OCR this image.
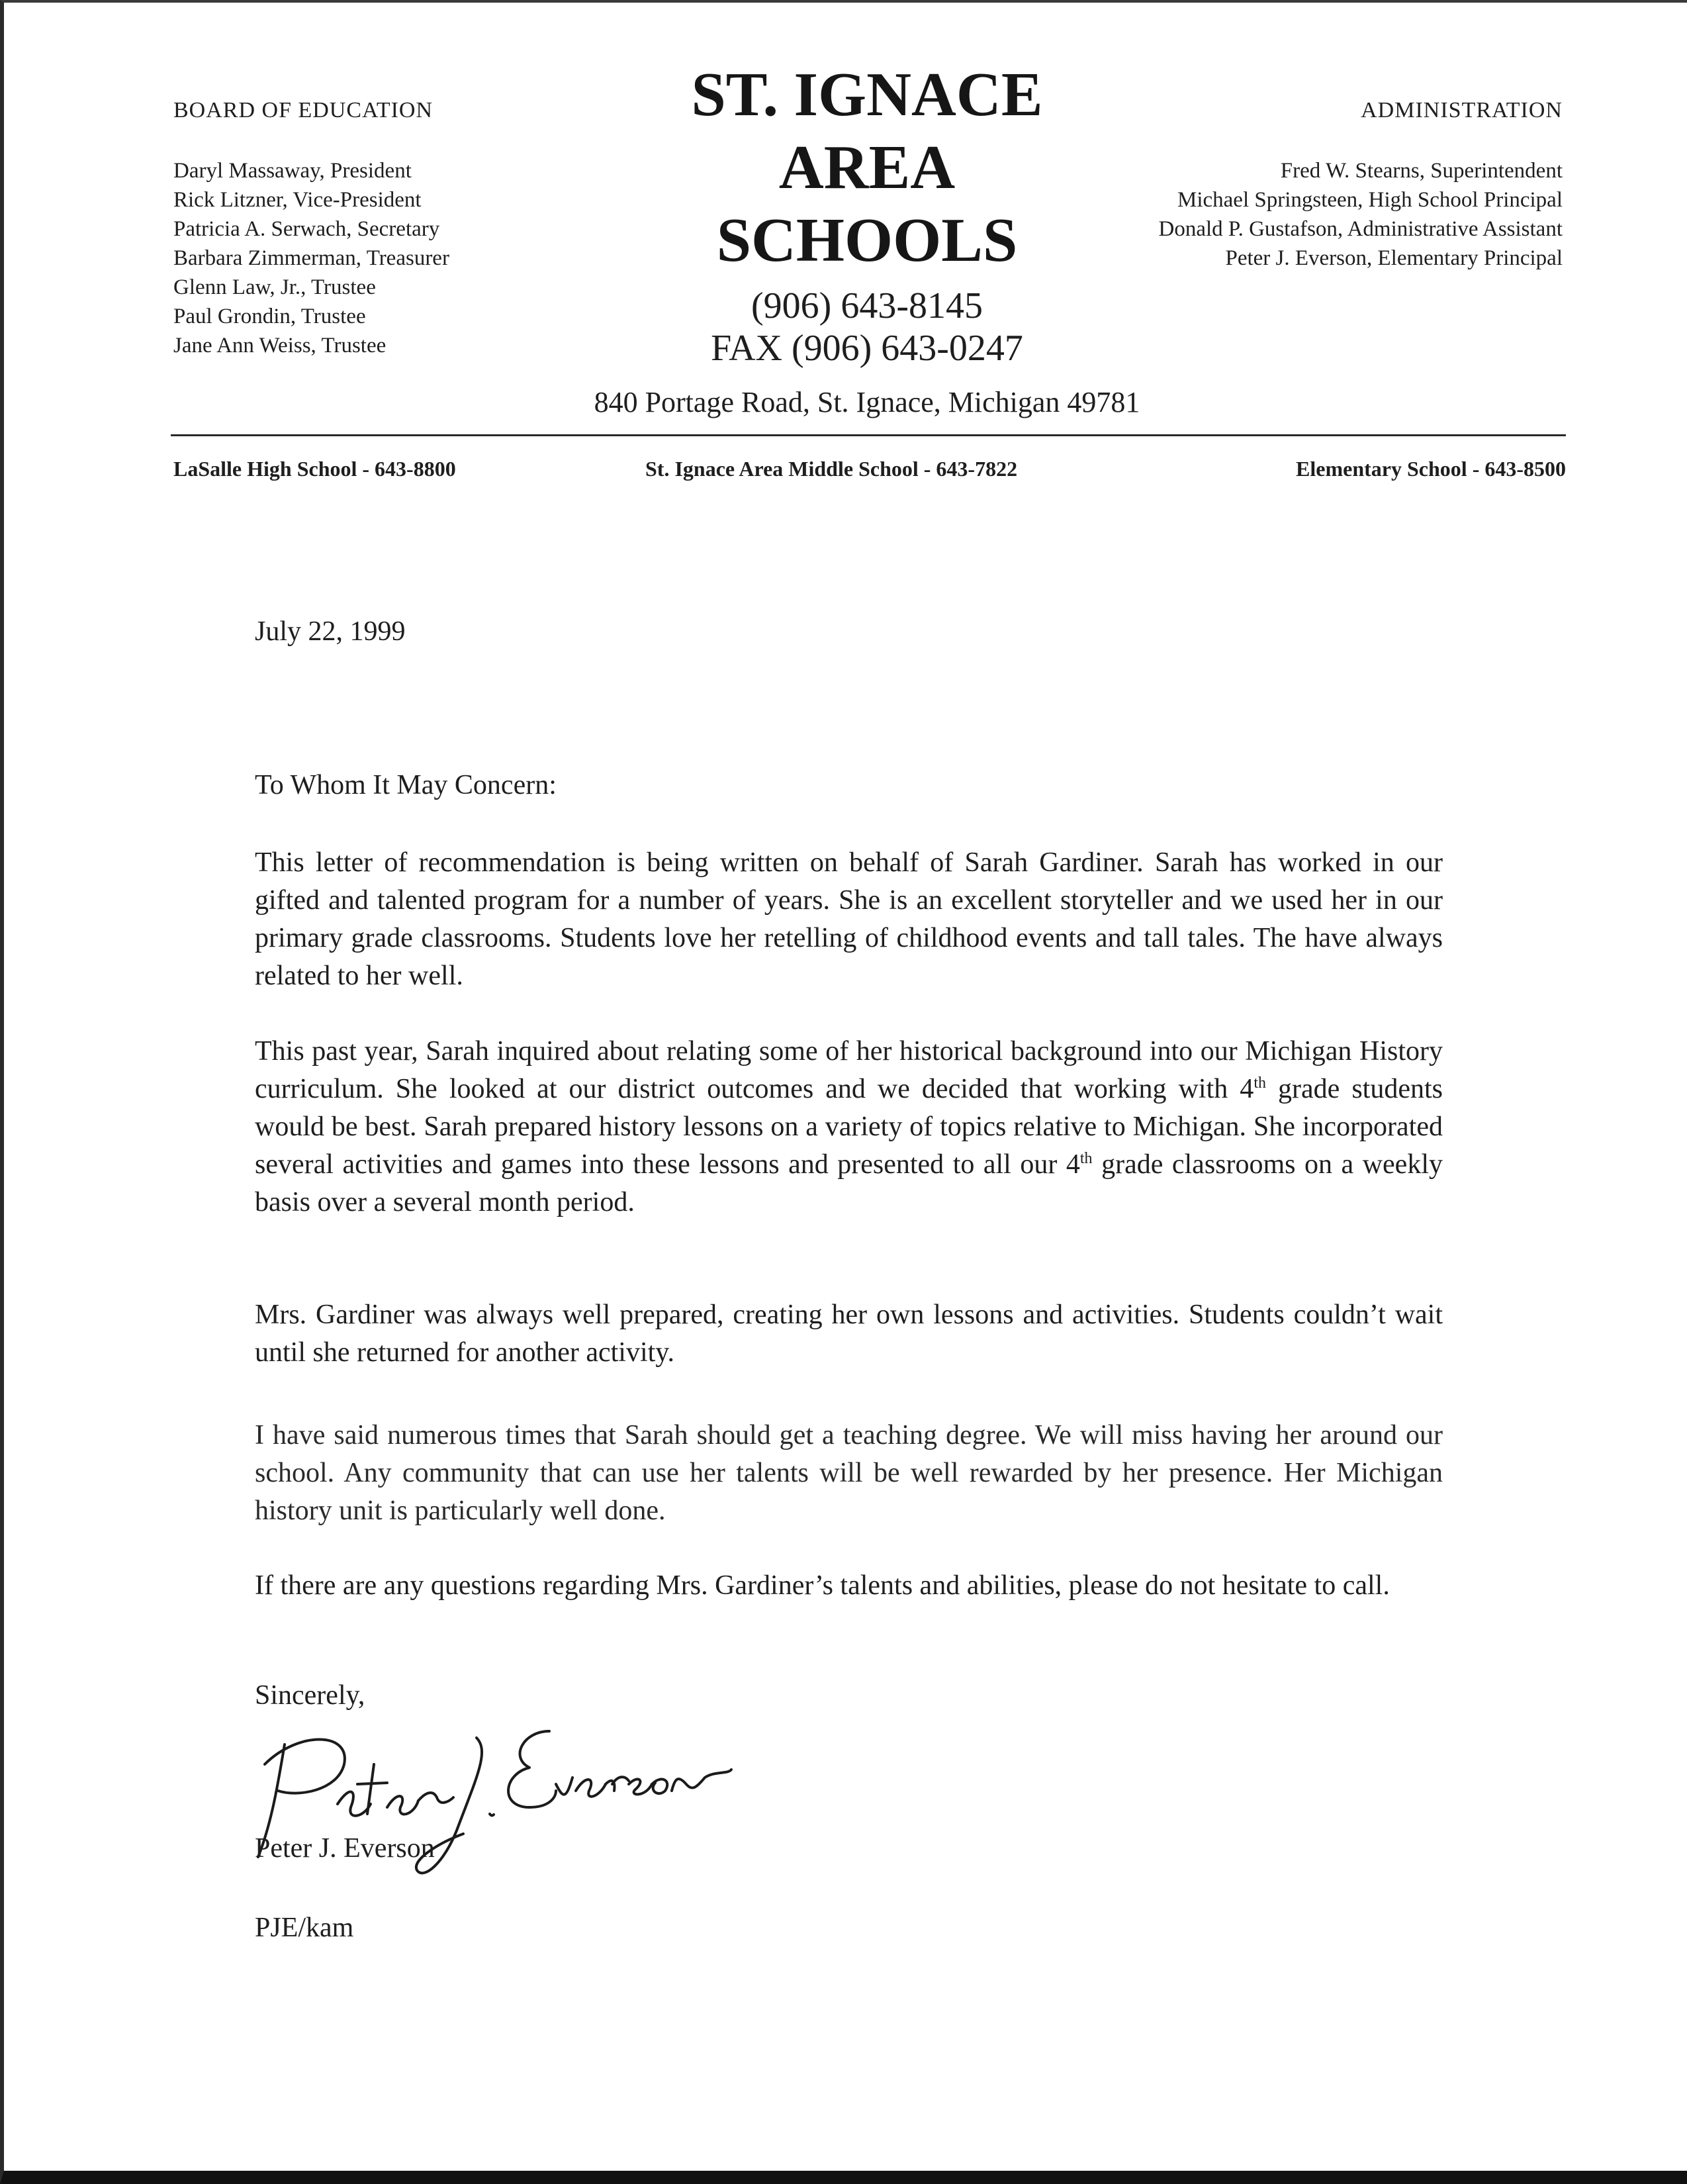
BOARD OF EDUCATION
Daryl Massaway, President
Rick Litzner, Vice-President
Patricia A. Serwach, Secretary
Barbara Zimmerman, Treasurer
Glenn Law, Jr., Trustee
Paul Grondin, Trustee
Jane Ann Weiss, Trustee
ST. IGNACE
AREA
SCHOOLS
(906) 643-8145
FAX (906) 643-0247
ADMINISTRATION
Fred W. Stearns, Superintendent
Michael Springsteen, High School Principal
Donald P. Gustafson, Administrative Assistant
Peter J. Everson, Elementary Principal
840 Portage Road, St. Ignace, Michigan 49781
LaSalle High School - 643-8800	St. Ignace Area Middle School - 643-7822	Elementary School - 643-8500
July 22, 1999
To Whom It May Concern:
This letter of recommendation is being written on behalf of Sarah Gardiner. Sarah has worked in our gifted and talented program for a number of years. She is an excellent storyteller and we used her in our primary grade classrooms. Students love her retelling of childhood events and tall tales. The have always related to her well.
This past year, Sarah inquired about relating some of her historical background into our Michigan History curriculum. She looked at our district outcomes and we decided that working with 4th grade students would be best. Sarah prepared history lessons on a variety of topics relative to Michigan. She incorporated several activities and games into these lessons and presented to all our 4th grade classrooms on a weekly basis over a several month period.
Mrs. Gardiner was always well prepared, creating her own lessons and activities. Students couldn’t wait until she returned for another activity.
I have said numerous times that Sarah should get a teaching degree. We will miss having her around our school. Any community that can use her talents will be well rewarded by her presence. Her Michigan history unit is particularly well done.
If there are any questions regarding Mrs. Gardiner’s talents and abilities, please do not hesitate to call.
Sincerely,
Peter J. Everson
PJE/kam
